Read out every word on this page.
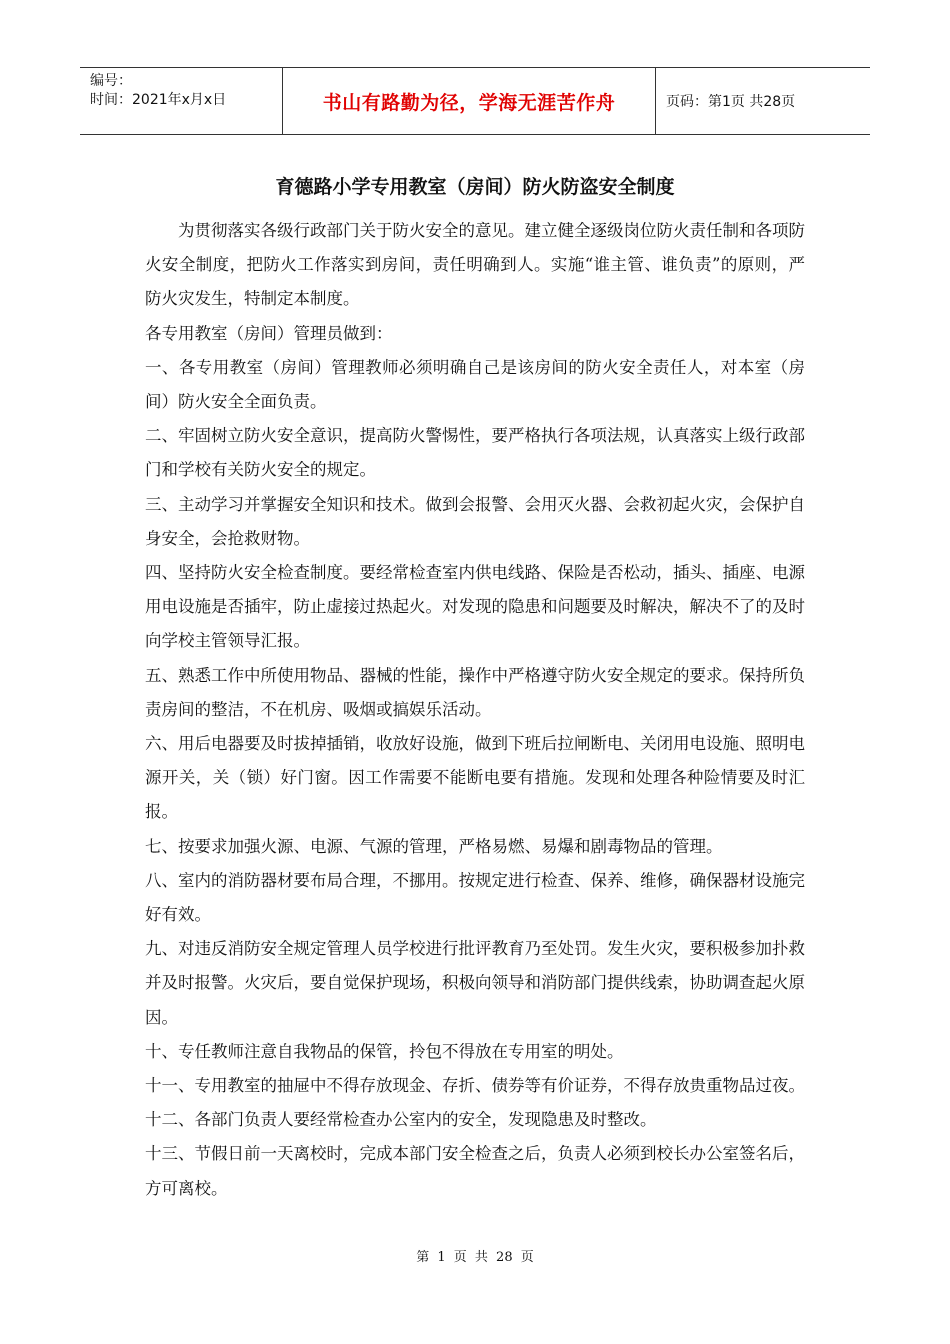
编号：
时间：2021年x月x日	书山有路勤为径，学海无涯苦作舟	页码：第1页 共28页
育德路小学专用教室（房间）防火防盗安全制度

为贯彻落实各级行政部门关于防火安全的意见。建立健全逐级岗位防火责任制和各项防火安全制度，把防火工作落实到房间，责任明确到人。实施“谁主管、谁负责”的原则，严防火灾发生，特制定本制度。

各专用教室（房间）管理员做到：

一、各专用教室（房间）管理教师必须明确自己是该房间的防火安全责任人，对本室（房间）防火安全全面负责。

二、牢固树立防火安全意识，提高防火警惕性，要严格执行各项法规，认真落实上级行政部门和学校有关防火安全的规定。

三、主动学习并掌握安全知识和技术。做到会报警、会用灭火器、会救初起火灾，会保护自身安全，会抢救财物。

四、坚持防火安全检查制度。要经常检查室内供电线路、保险是否松动，插头、插座、电源用电设施是否插牢，防止虚接过热起火。对发现的隐患和问题要及时解决，解决不了的及时向学校主管领导汇报。

五、熟悉工作中所使用物品、器械的性能，操作中严格遵守防火安全规定的要求。保持所负责房间的整洁，不在机房、吸烟或搞娱乐活动。

六、用后电器要及时拔掉插销，收放好设施，做到下班后拉闸断电、关闭用电设施、照明电源开关，关（锁）好门窗。因工作需要不能断电要有措施。发现和处理各种险情要及时汇报。

七、按要求加强火源、电源、气源的管理，严格易燃、易爆和剧毒物品的管理。

八、室内的消防器材要布局合理，不挪用。按规定进行检查、保养、维修，确保器材设施完好有效。

九、对违反消防安全规定管理人员学校进行批评教育乃至处罚。发生火灾，要积极参加扑救并及时报警。火灾后，要自觉保护现场，积极向领导和消防部门提供线索，协助调查起火原因。

十、专任教师注意自我物品的保管，拎包不得放在专用室的明处。

十一、专用教室的抽屉中不得存放现金、存折、债券等有价证券，不得存放贵重物品过夜。

十二、各部门负责人要经常检查办公室内的安全，发现隐患及时整改。

十三、节假日前一天离校时，完成本部门安全检查之后，负责人必须到校长办公室签名后，方可离校。

第 1 页 共 28 页
